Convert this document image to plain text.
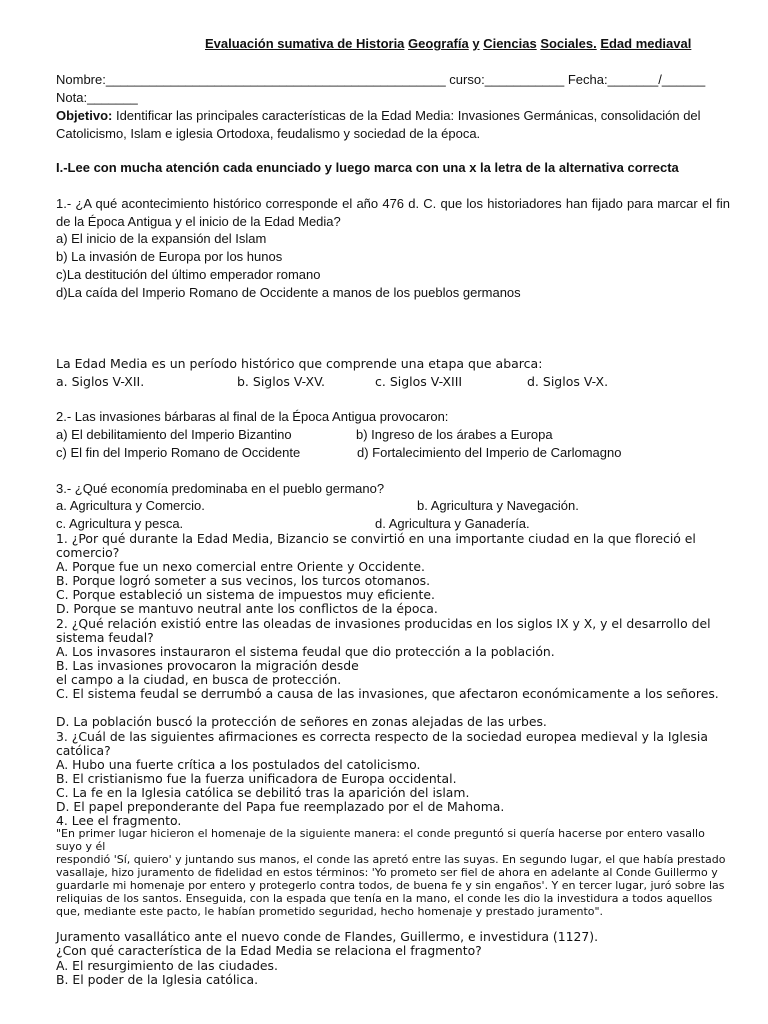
Evaluación sumativa de Historia Geografía y Ciencias Sociales. Edad mediaval
Nombre:_______________________________________________ curso:___________ Fecha:_______/______
Nota:_______
Objetivo: Identificar las principales características de la Edad Media: Invasiones Germánicas, consolidación del Catolicismo, Islam e iglesia Ortodoxa, feudalismo y sociedad de la época.
I.-Lee con mucha atención cada enunciado y luego marca con una x la letra de la alternativa correcta
1.- ¿A qué acontecimiento histórico corresponde el año 476 d. C. que los historiadores han fijado para marcar el fin de la Época Antigua y el inicio de la Edad Media?
a) El inicio de la expansión del Islam
b) La invasión de Europa por los hunos
c)La destitución del último emperador romano
d)La caída del Imperio Romano de Occidente a manos de los pueblos germanos
La Edad Media es un período histórico que comprende una etapa que abarca:
a. Siglos V-XII.	b. Siglos V-XV.	c. Siglos V-XIII	d. Siglos V-X.
2.- Las invasiones bárbaras al final de la Época Antigua provocaron:
a) El debilitamiento del Imperio Bizantino	b) Ingreso de los árabes a Europa
c) El fin del Imperio Romano de Occidente	d) Fortalecimiento del Imperio de Carlomagno
3.- ¿Qué economía predominaba en el pueblo germano?
a. Agricultura y Comercio.	b. Agricultura y Navegación.
c. Agricultura y pesca.	d. Agricultura y Ganadería.
1. ¿Por qué durante la Edad Media, Bizancio se convirtió en una importante ciudad en la que floreció el comercio?
A. Porque fue un nexo comercial entre Oriente y Occidente.
B. Porque logró someter a sus vecinos, los turcos otomanos.
C. Porque estableció un sistema de impuestos muy eficiente.
D. Porque se mantuvo neutral ante los conflictos de la época.
2. ¿Qué relación existió entre las oleadas de invasiones producidas en los siglos IX y X, y el desarrollo del sistema feudal?
A. Los invasores instauraron el sistema feudal que dio protección a la población.
B. Las invasiones provocaron la migración desde
el campo a la ciudad, en busca de protección.
C. El sistema feudal se derrumbó a causa de las invasiones, que afectaron económicamente a los señores.
D. La población buscó la protección de señores en zonas alejadas de las urbes.
3. ¿Cuál de las siguientes afirmaciones es correcta respecto de la sociedad europea medieval y la Iglesia católica?
A. Hubo una fuerte crítica a los postulados del catolicismo.
B. El cristianismo fue la fuerza unificadora de Europa occidental.
C. La fe en la Iglesia católica se debilitó tras la aparición del islam.
D. El papel preponderante del Papa fue reemplazado por el de Mahoma.
4. Lee el fragmento.
"En primer lugar hicieron el homenaje de la siguiente manera: el conde preguntó si quería hacerse por entero vasallo suyo y él
respondió 'Sí, quiero' y juntando sus manos, el conde las apretó entre las suyas. En segundo lugar, el que había prestado vasallaje, hizo juramento de fidelidad en estos términos: 'Yo prometo ser fiel de ahora en adelante al Conde Guillermo y guardarle mi homenaje por entero y protegerlo contra todos, de buena fe y sin engaños'. Y en tercer lugar, juró sobre las reliquias de los santos. Enseguida, con la espada que tenía en la mano, el conde les dio la investidura a todos aquellos que, mediante este pacto, le habían prometido seguridad, hecho homenaje y prestado juramento".
Juramento vasallático ante el nuevo conde de Flandes, Guillermo, e investidura (1127).
¿Con qué característica de la Edad Media se relaciona el fragmento?
A. El resurgimiento de las ciudades.
B. El poder de la Iglesia católica.
